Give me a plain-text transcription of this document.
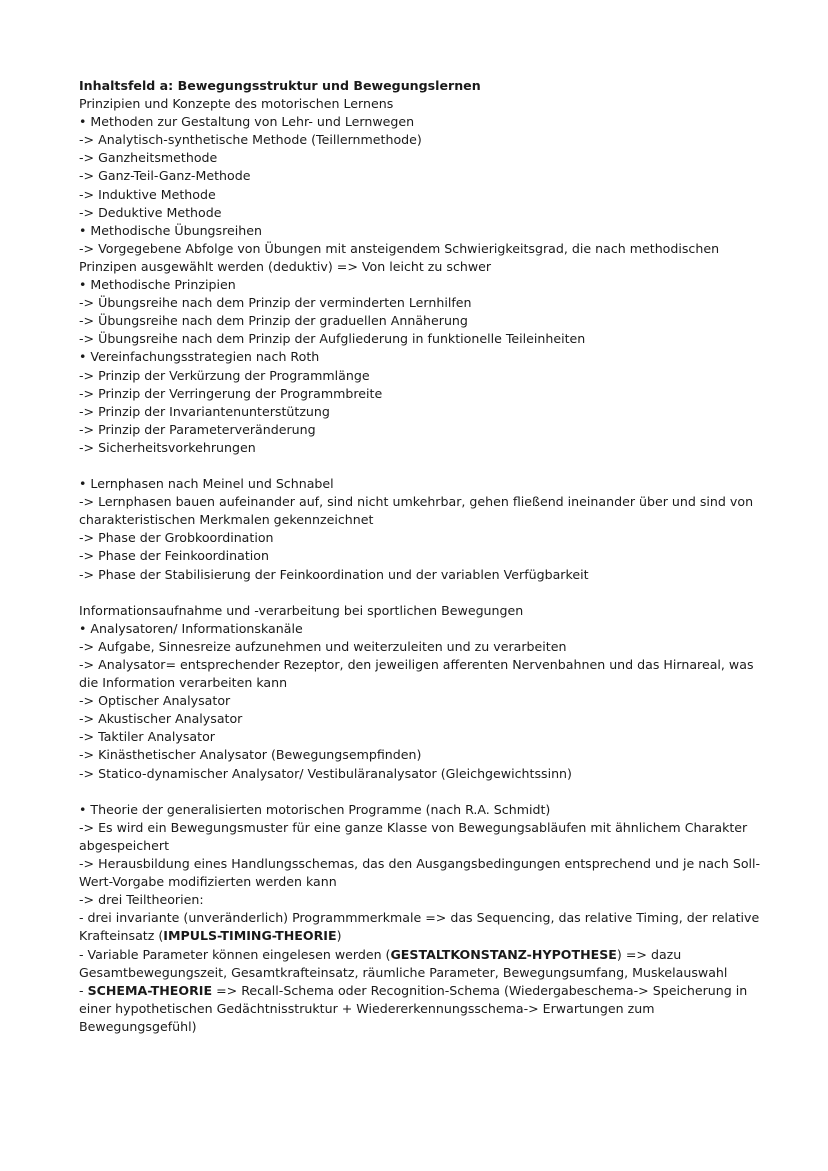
Inhaltsfeld a: Bewegungsstruktur und Bewegungslernen

Prinzipien und Konzepte des motorischen Lernens

• Methoden zur Gestaltung von Lehr- und Lernwegen

-> Analytisch-synthetische Methode (Teillernmethode)

-> Ganzheitsmethode

-> Ganz-Teil-Ganz-Methode

-> Induktive Methode

-> Deduktive Methode

• Methodische Übungsreihen

-> Vorgegebene Abfolge von Übungen mit ansteigendem Schwierigkeitsgrad, die nach methodischen Prinzipen ausgewählt werden (deduktiv) => Von leicht zu schwer

• Methodische Prinzipien

-> Übungsreihe nach dem Prinzip der verminderten Lernhilfen

-> Übungsreihe nach dem Prinzip der graduellen Annäherung

-> Übungsreihe nach dem Prinzip der Aufgliederung in funktionelle Teileinheiten

• Vereinfachungsstrategien nach Roth

-> Prinzip der Verkürzung der Programmlänge

-> Prinzip der Verringerung der Programmbreite

-> Prinzip der Invariantenunterstützung

-> Prinzip der Parameterveränderung

-> Sicherheitsvorkehrungen

• Lernphasen nach Meinel und Schnabel

-> Lernphasen bauen aufeinander auf, sind nicht umkehrbar, gehen fließend ineinander über und sind von charakteristischen Merkmalen gekennzeichnet

-> Phase der Grobkoordination

-> Phase der Feinkoordination

-> Phase der Stabilisierung der Feinkoordination und der variablen Verfügbarkeit

Informationsaufnahme und -verarbeitung bei sportlichen Bewegungen

• Analysatoren/ Informationskanäle

-> Aufgabe, Sinnesreize aufzunehmen und weiterzuleiten und zu verarbeiten

-> Analysator= entsprechender Rezeptor, den jeweiligen afferenten Nervenbahnen und das Hirnareal, was die Information verarbeiten kann

-> Optischer Analysator

-> Akustischer Analysator

-> Taktiler Analysator

-> Kinästhetischer Analysator (Bewegungsempfinden)

-> Statico-dynamischer Analysator/ Vestibuläranalysator (Gleichgewichtssinn)

• Theorie der generalisierten motorischen Programme (nach R.A. Schmidt)

-> Es wird ein Bewegungsmuster für eine ganze Klasse von Bewegungsabläufen mit ähnlichem Charakter abgespeichert

-> Herausbildung eines Handlungsschemas, das den Ausgangsbedingungen entsprechend und je nach Soll-Wert-Vorgabe modifizierten werden kann

-> drei Teiltheorien:

- drei invariante (unveränderlich) Programmmerkmale => das Sequencing, das relative Timing, der relative Krafteinsatz (IMPULS-TIMING-THEORIE)

- Variable Parameter können eingelesen werden (GESTALTKONSTANZ-HYPOTHESE) => dazu Gesamtbewegungszeit, Gesamtkrafteinsatz, räumliche Parameter, Bewegungsumfang, Muskelauswahl

- SCHEMA-THEORIE => Recall-Schema oder Recognition-Schema (Wiedergabeschema-> Speicherung in einer hypothetischen Gedächtnisstruktur + Wiedererkennungsschema-> Erwartungen zum Bewegungsgefühl)
